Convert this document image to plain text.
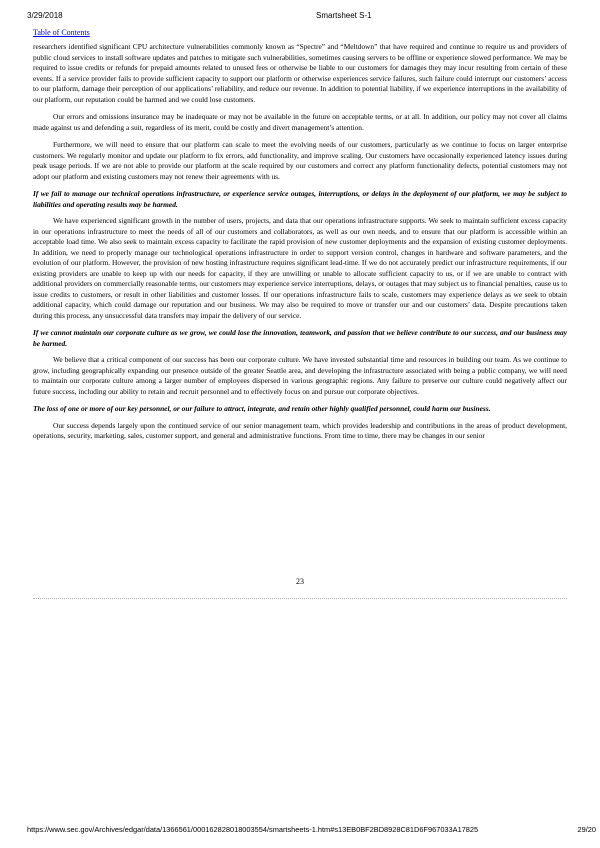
3/29/2018	Smartsheet S-1
Table of Contents

researchers identified significant CPU architecture vulnerabilities commonly known as “Spectre” and “Meltdown” that have required and continue to require us and providers of public cloud services to install software updates and patches to mitigate such vulnerabilities, sometimes causing servers to be offline or experience slowed performance. We may be required to issue credits or refunds for prepaid amounts related to unused fees or otherwise be liable to our customers for damages they may incur resulting from certain of these events. If a service provider fails to provide sufficient capacity to support our platform or otherwise experiences service failures, such failure could interrupt our customers’ access to our platform, damage their perception of our applications’ reliability, and reduce our revenue. In addition to potential liability, if we experience interruptions in the availability of our platform, our reputation could be harmed and we could lose customers.

Our errors and omissions insurance may be inadequate or may not be available in the future on acceptable terms, or at all. In addition, our policy may not cover all claims made against us and defending a suit, regardless of its merit, could be costly and divert management’s attention.

Furthermore, we will need to ensure that our platform can scale to meet the evolving needs of our customers, particularly as we continue to focus on larger enterprise customers. We regularly monitor and update our platform to fix errors, add functionality, and improve scaling. Our customers have occasionally experienced latency issues during peak usage periods. If we are not able to provide our platform at the scale required by our customers and correct any platform functionality defects, potential customers may not adopt our platform and existing customers may not renew their agreements with us.

If we fail to manage our technical operations infrastructure, or experience service outages, interruptions, or delays in the deployment of our platform, we may be subject to liabilities and operating results may be harmed.

We have experienced significant growth in the number of users, projects, and data that our operations infrastructure supports. We seek to maintain sufficient excess capacity in our operations infrastructure to meet the needs of all of our customers and collaborators, as well as our own needs, and to ensure that our platform is accessible within an acceptable load time. We also seek to maintain excess capacity to facilitate the rapid provision of new customer deployments and the expansion of existing customer deployments. In addition, we need to properly manage our technological operations infrastructure in order to support version control, changes in hardware and software parameters, and the evolution of our platform. However, the provision of new hosting infrastructure requires significant lead-time. If we do not accurately predict our infrastructure requirements, if our existing providers are unable to keep up with our needs for capacity, if they are unwilling or unable to allocate sufficient capacity to us, or if we are unable to contract with additional providers on commercially reasonable terms, our customers may experience service interruptions, delays, or outages that may subject us to financial penalties, cause us to issue credits to customers, or result in other liabilities and customer losses. If our operations infrastructure fails to scale, customers may experience delays as we seek to obtain additional capacity, which could damage our reputation and our business. We may also be required to move or transfer our and our customers’ data. Despite precautions taken during this process, any unsuccessful data transfers may impair the delivery of our service.

If we cannot maintain our corporate culture as we grow, we could lose the innovation, teamwork, and passion that we believe contribute to our success, and our business may be harmed.

We believe that a critical component of our success has been our corporate culture. We have invested substantial time and resources in building our team. As we continue to grow, including geographically expanding our presence outside of the greater Seattle area, and developing the infrastructure associated with being a public company, we will need to maintain our corporate culture among a larger number of employees dispersed in various geographic regions. Any failure to preserve our culture could negatively affect our future success, including our ability to retain and recruit personnel and to effectively focus on and pursue our corporate objectives.

The loss of one or more of our key personnel, or our failure to attract, integrate, and retain other highly qualified personnel, could harm our business.

Our success depends largely upon the continued service of our senior management team, which provides leadership and contributions in the areas of product development, operations, security, marketing, sales, customer support, and general and administrative functions. From time to time, there may be changes in our senior

23
https://www.sec.gov/Archives/edgar/data/1366561/000162828018003554/smartsheets-1.htm#s13EB0BF2BD8928C81D6F967033A17825	29/20
